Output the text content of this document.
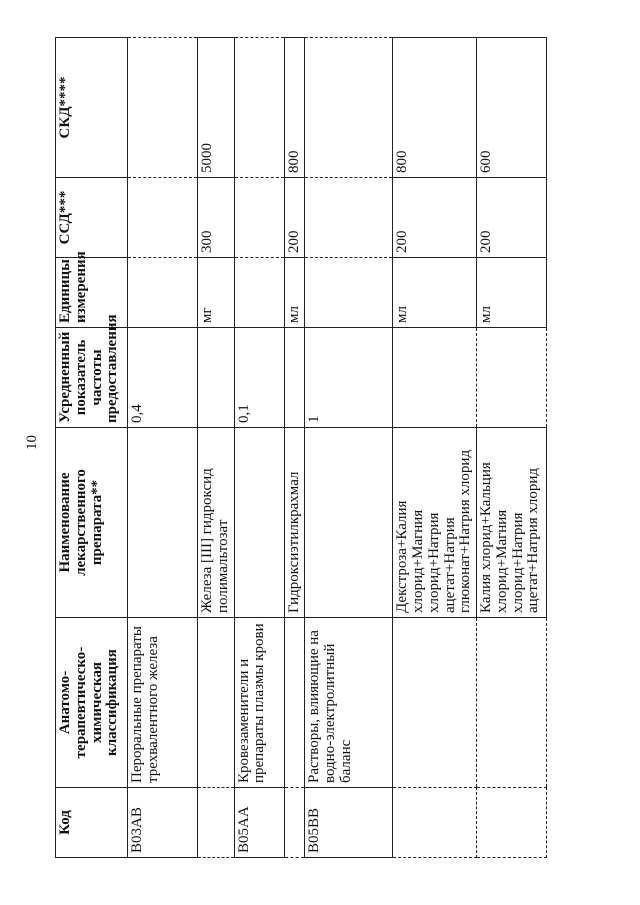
10
Код	Анатомо-терапевтическо-химическая классификация	Наименование лекарственного препарата**	Усредненный показатель частоты предоставления	Единицы измерения	ССД***	СКД****
B03AB	Пероральные препараты трехвалентного железа		0,4			
		Железа [III] гидроксид полимальтозат		мг	300	5000
B05AA	Кровезаменители и препараты плазмы крови		0,1			
		Гидроксиэтилкрахмал		мл	200	800
B05BB	Растворы, влияющие на водно-электролитный баланс		1			
		Декстроза+Калия хлорид+Магния хлорид+Натрия ацетат+Натрия глюконат+Натрия хлорид		мл	200	800
		Калия хлорид+Кальция хлорид+Магния хлорид+Натрия ацетат+Натрия хлорид		мл	200	600
